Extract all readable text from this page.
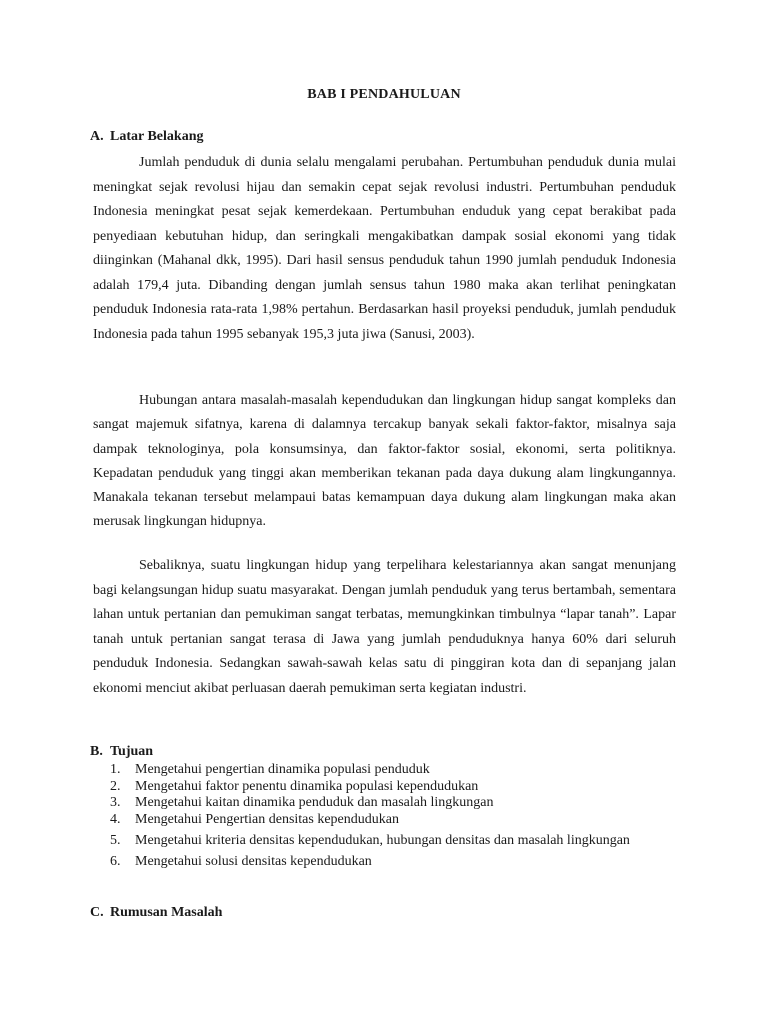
BAB I PENDAHULUAN
A. Latar Belakang

Jumlah penduduk di dunia selalu mengalami perubahan. Pertumbuhan penduduk dunia mulai meningkat sejak revolusi hijau dan semakin cepat sejak revolusi industri. Pertumbuhan penduduk Indonesia meningkat pesat sejak kemerdekaan. Pertumbuhan enduduk yang cepat berakibat pada penyediaan kebutuhan hidup, dan seringkali mengakibatkan dampak sosial ekonomi yang tidak diinginkan (Mahanal dkk, 1995). Dari hasil sensus penduduk tahun 1990 jumlah penduduk Indonesia adalah 179,4 juta. Dibanding dengan jumlah sensus tahun 1980 maka akan terlihat peningkatan penduduk Indonesia rata-rata 1,98% pertahun. Berdasarkan hasil proyeksi penduduk, jumlah penduduk Indonesia pada tahun 1995 sebanyak 195,3 juta jiwa (Sanusi, 2003).

Hubungan antara masalah-masalah kependudukan dan lingkungan hidup sangat kompleks dan sangat majemuk sifatnya, karena di dalamnya tercakup banyak sekali faktor-faktor, misalnya saja dampak teknologinya, pola konsumsinya, dan faktor-faktor sosial, ekonomi, serta politiknya. Kepadatan penduduk yang tinggi akan memberikan tekanan pada daya dukung alam lingkungannya. Manakala tekanan tersebut melampaui batas kemampuan daya dukung alam lingkungan maka akan merusak lingkungan hidupnya.

Sebaliknya, suatu lingkungan hidup yang terpelihara kelestariannya akan sangat menunjang bagi kelangsungan hidup suatu masyarakat. Dengan jumlah penduduk yang terus bertambah, sementara lahan untuk pertanian dan pemukiman sangat terbatas, memungkinkan timbulnya “lapar tanah”. Lapar tanah untuk pertanian sangat terasa di Jawa yang jumlah penduduknya hanya 60% dari seluruh penduduk Indonesia. Sedangkan sawah-sawah kelas satu di pinggiran kota dan di sepanjang jalan ekonomi menciut akibat perluasan daerah pemukiman serta kegiatan industri.

B. Tujuan
1. Mengetahui pengertian dinamika populasi penduduk
2. Mengetahui faktor penentu dinamika populasi kependudukan
3. Mengetahui kaitan dinamika penduduk dan masalah lingkungan
4. Mengetahui Pengertian densitas kependudukan
5. Mengetahui kriteria densitas kependudukan, hubungan densitas dan masalah lingkungan
6. Mengetahui solusi densitas kependudukan
C. Rumusan Masalah
